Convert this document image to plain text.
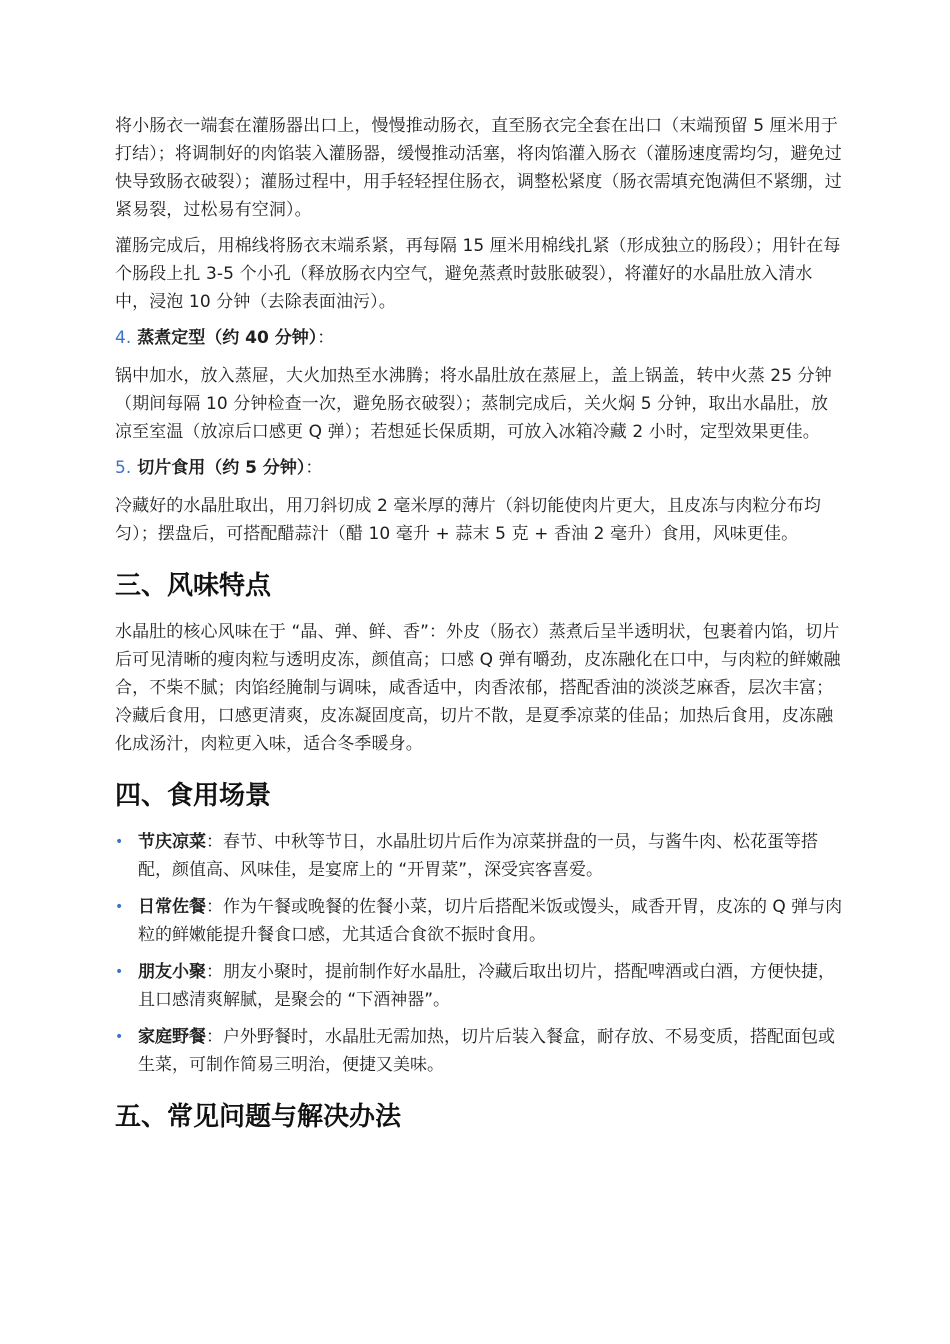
将小肠衣一端套在灌肠器出口上，慢慢推动肠衣，直至肠衣完全套在出口（末端预留 5 厘米用于打结）；将调制好的肉馅装入灌肠器，缓慢推动活塞，将肉馅灌入肠衣（灌肠速度需均匀，避免过快导致肠衣破裂）；灌肠过程中，用手轻轻捏住肠衣，调整松紧度（肠衣需填充饱满但不紧绷，过紧易裂，过松易有空洞）。

灌肠完成后，用棉线将肠衣末端系紧，再每隔 15 厘米用棉线扎紧（形成独立的肠段）；用针在每个肠段上扎 3-5 个小孔（释放肠衣内空气，避免蒸煮时鼓胀破裂），将灌好的水晶肚放入清水中，浸泡 10 分钟（去除表面油污）。

4. 蒸煮定型（约 40 分钟）：

锅中加水，放入蒸屉，大火加热至水沸腾；将水晶肚放在蒸屉上，盖上锅盖，转中火蒸 25 分钟（期间每隔 10 分钟检查一次，避免肠衣破裂）；蒸制完成后，关火焖 5 分钟，取出水晶肚，放凉至室温（放凉后口感更 Q 弹）；若想延长保质期，可放入冰箱冷藏 2 小时，定型效果更佳。

5. 切片食用（约 5 分钟）：

冷藏好的水晶肚取出，用刀斜切成 2 毫米厚的薄片（斜切能使肉片更大，且皮冻与肉粒分布均匀）；摆盘后，可搭配醋蒜汁（醋 10 毫升 + 蒜末 5 克 + 香油 2 毫升）食用，风味更佳。

三、风味特点

水晶肚的核心风味在于 “晶、弹、鲜、香”：外皮（肠衣）蒸煮后呈半透明状，包裹着内馅，切片后可见清晰的瘦肉粒与透明皮冻，颜值高；口感 Q 弹有嚼劲，皮冻融化在口中，与肉粒的鲜嫩融合，不柴不腻；肉馅经腌制与调味，咸香适中，肉香浓郁，搭配香油的淡淡芝麻香，层次丰富；冷藏后食用，口感更清爽，皮冻凝固度高，切片不散，是夏季凉菜的佳品；加热后食用，皮冻融化成汤汁，肉粒更入味，适合冬季暖身。

四、食用场景
• 节庆凉菜：春节、中秋等节日，水晶肚切片后作为凉菜拼盘的一员，与酱牛肉、松花蛋等搭配，颜值高、风味佳，是宴席上的 “开胃菜”，深受宾客喜爱。
• 日常佐餐：作为午餐或晚餐的佐餐小菜，切片后搭配米饭或馒头，咸香开胃，皮冻的 Q 弹与肉粒的鲜嫩能提升餐食口感，尤其适合食欲不振时食用。
• 朋友小聚：朋友小聚时，提前制作好水晶肚，冷藏后取出切片，搭配啤酒或白酒，方便快捷，且口感清爽解腻，是聚会的 “下酒神器”。
• 家庭野餐：户外野餐时，水晶肚无需加热，切片后装入餐盒，耐存放、不易变质，搭配面包或生菜，可制作简易三明治，便捷又美味。
五、常见问题与解决办法
